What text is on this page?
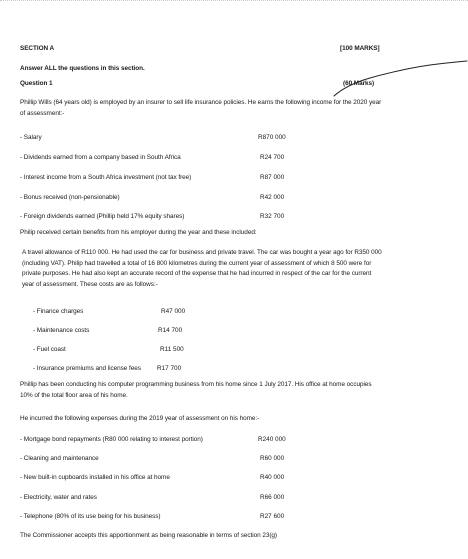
SECTION A	[100 MARKS]
Answer ALL the questions in this section.
Question 1	(60 Marks)
Phillip Wills (64 years old) is employed by an insurer to sell life insurance policies. He earns the following income for the 2020 year of assessment:-
- Salary	R870 000
- Dividends earned from a company based in South Africa	R24 700
- Interest income from a South Africa investment (not tax free)	R87 000
- Bonus received (non-pensionable)	R42 000
- Foreign dividends earned (Phillip held 17% equity shares)	R32 700
Philip received certain benefits from his employer during the year and these included:
A travel allowance of R110 000. He had used the car for business and private travel. The car was bought a year ago for R350 000 (including VAT). Philip had travelled a total of 16 800 kilometres during the current year of assessment of which 8 500 were for private purposes. He had also kept an accurate record of the expense that he had incurred in respect of the car for the current year of assessment. These costs are as follows:-
- Finance charges	R47 000
- Maintenance costs	R14 700
- Fuel coast	R11 500
- Insurance premiums and license fees	R17 700
Phillip has been conducting his computer programming business from his home since 1 July 2017. His office at home occupies 10% of the total floor area of his home.
He incurred the following expenses during the 2019 year of assessment on his home:-
- Mortgage bond repayments (R80 000 relating to interest portion)	R240 000
- Cleaning and maintenance	R60 000
- New built-in cupboards installed in his office at home	R40 000
- Electricity, water and rates	R66 000
- Telephone (80% of its use being for his business)	R27 600
The Commissioner accepts this apportionment as being reasonable in terms of section 23(g)
